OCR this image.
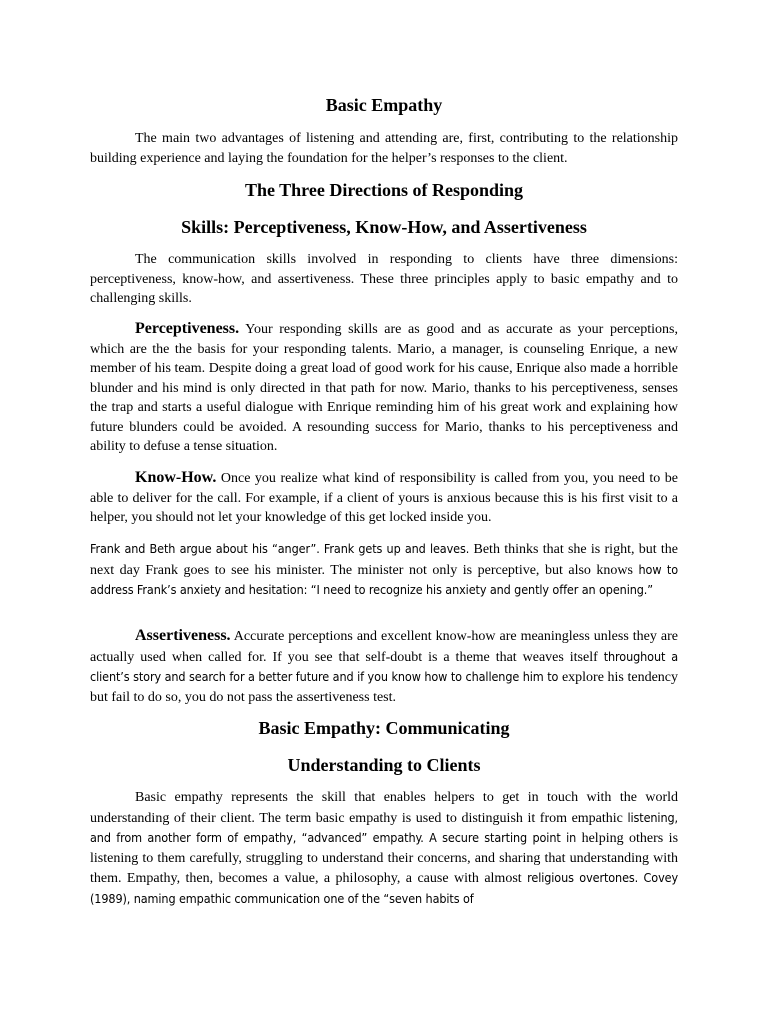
Basic Empathy

The main two advantages of listening and attending are, first, contributing to the relationship building experience and laying the foundation for the helper’s responses to the client.

The Three Directions of Responding
Skills: Perceptiveness, Know-How, and Assertiveness

The communication skills involved in responding to clients have three dimensions: perceptiveness, know-how, and assertiveness. These three principles apply to basic empathy and to challenging skills.

Perceptiveness. Your responding skills are as good and as accurate as your perceptions, which are the the basis for your responding talents. Mario, a manager, is counseling Enrique, a new member of his team. Despite doing a great load of good work for his cause, Enrique also made a horrible blunder and his mind is only directed in that path for now. Mario, thanks to his perceptiveness, senses the trap and starts a useful dialogue with Enrique reminding him of his great work and explaining how future blunders could be avoided. A resounding success for Mario, thanks to his perceptiveness and ability to defuse a tense situation.

Know-How. Once you realize what kind of responsibility is called from you, you need to be able to deliver for the call. For example, if a client of yours is anxious because this is his first visit to a helper, you should not let your knowledge of this get locked inside you.

Frank and Beth argue about his “anger”. Frank gets up and leaves. Beth thinks that she is right, but the next day Frank goes to see his minister. The minister not only is perceptive, but also knows how to address Frank’s anxiety and hesitation: “I need to recognize his anxiety and gently offer an opening.”

Assertiveness. Accurate perceptions and excellent know-how are meaningless unless they are actually used when called for. If you see that self-doubt is a theme that weaves itself throughout a client’s story and search for a better future and if you know how to challenge him to explore his tendency but fail to do so, you do not pass the assertiveness test.

Basic Empathy: Communicating
Understanding to Clients

Basic empathy represents the skill that enables helpers to get in touch with the world understanding of their client. The term basic empathy is used to distinguish it from empathic listening, and from another form of empathy, “advanced” empathy. A secure starting point in helping others is listening to them carefully, struggling to understand their concerns, and sharing that understanding with them. Empathy, then, becomes a value, a philosophy, a cause with almost religious overtones. Covey (1989), naming empathic communication one of the “seven habits of
